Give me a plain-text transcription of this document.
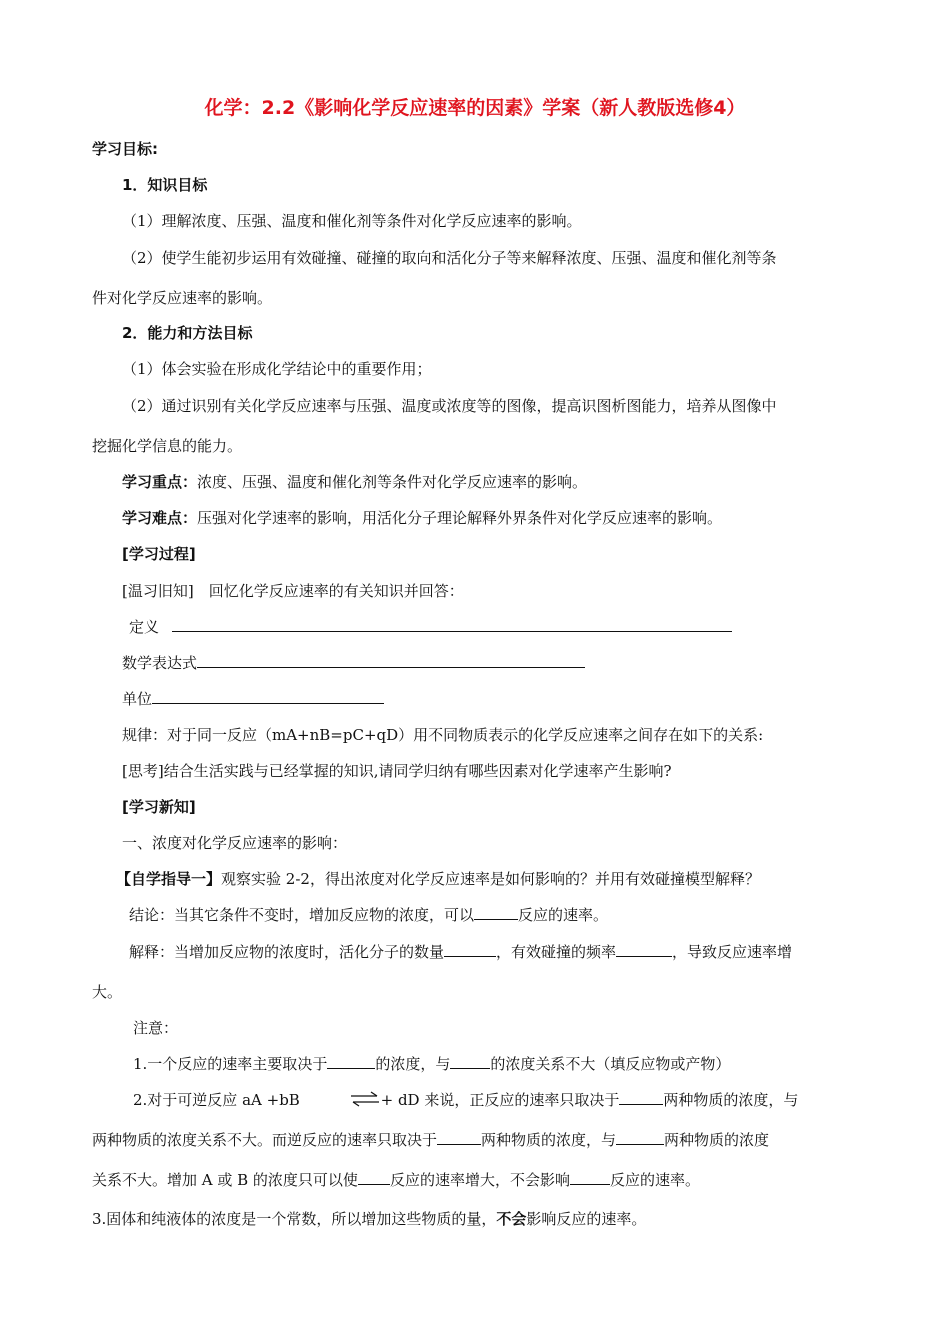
化学：2.2《影响化学反应速率的因素》学案（新人教版选修4）
学习目标:
1．知识目标
（1）理解浓度、压强、温度和催化剂等条件对化学反应速率的影响。
（2）使学生能初步运用有效碰撞、碰撞的取向和活化分子等来解释浓度、压强、温度和催化剂等条
件对化学反应速率的影响。
2．能力和方法目标
（1）体会实验在形成化学结论中的重要作用；
（2）通过识别有关化学反应速率与压强、温度或浓度等的图像，提高识图析图能力，培养从图像中
挖掘化学信息的能力。
学习重点：浓度、压强、温度和催化剂等条件对化学反应速率的影响。
学习难点：压强对化学速率的影响，用活化分子理论解释外界条件对化学反应速率的影响。
[学习过程]
[温习旧知]　回忆化学反应速率的有关知识并回答：
定义
数学表达式
单位
规律：对于同一反应（mA+nB=pC+qD）用不同物质表示的化学反应速率之间存在如下的关系:
[思考]结合生活实践与已经掌握的知识,请同学归纳有哪些因素对化学速率产生影响?
[学习新知]
一、浓度对化学反应速率的影响：
【自学指导一】观察实验 2-2，得出浓度对化学反应速率是如何影响的？并用有效碰撞模型解释？
结论：当其它条件不变时，增加反应物的浓度，可以	反应的速率。
解释：当增加反应物的浓度时，活化分子的数量	，有效碰撞的频率	，导致反应速率增
大。
注意：
1.一个反应的速率主要取决于	的浓度，与	的浓度关系不大（填反应物或产物）
2.对于可逆反应 aA +bB	⇌+ dD 来说，正反应的速率只取决于	两种物质的浓度，与
两种物质的浓度关系不大。而逆反应的速率只取决于	两种物质的浓度，与	两种物质的浓度
关系不大。增加 A 或 B 的浓度只可以使 反应的速率增大，不会影响	反应的速率。
3.固体和纯液体的浓度是一个常数，所以增加这些物质的量，不会影响反应的速率。
